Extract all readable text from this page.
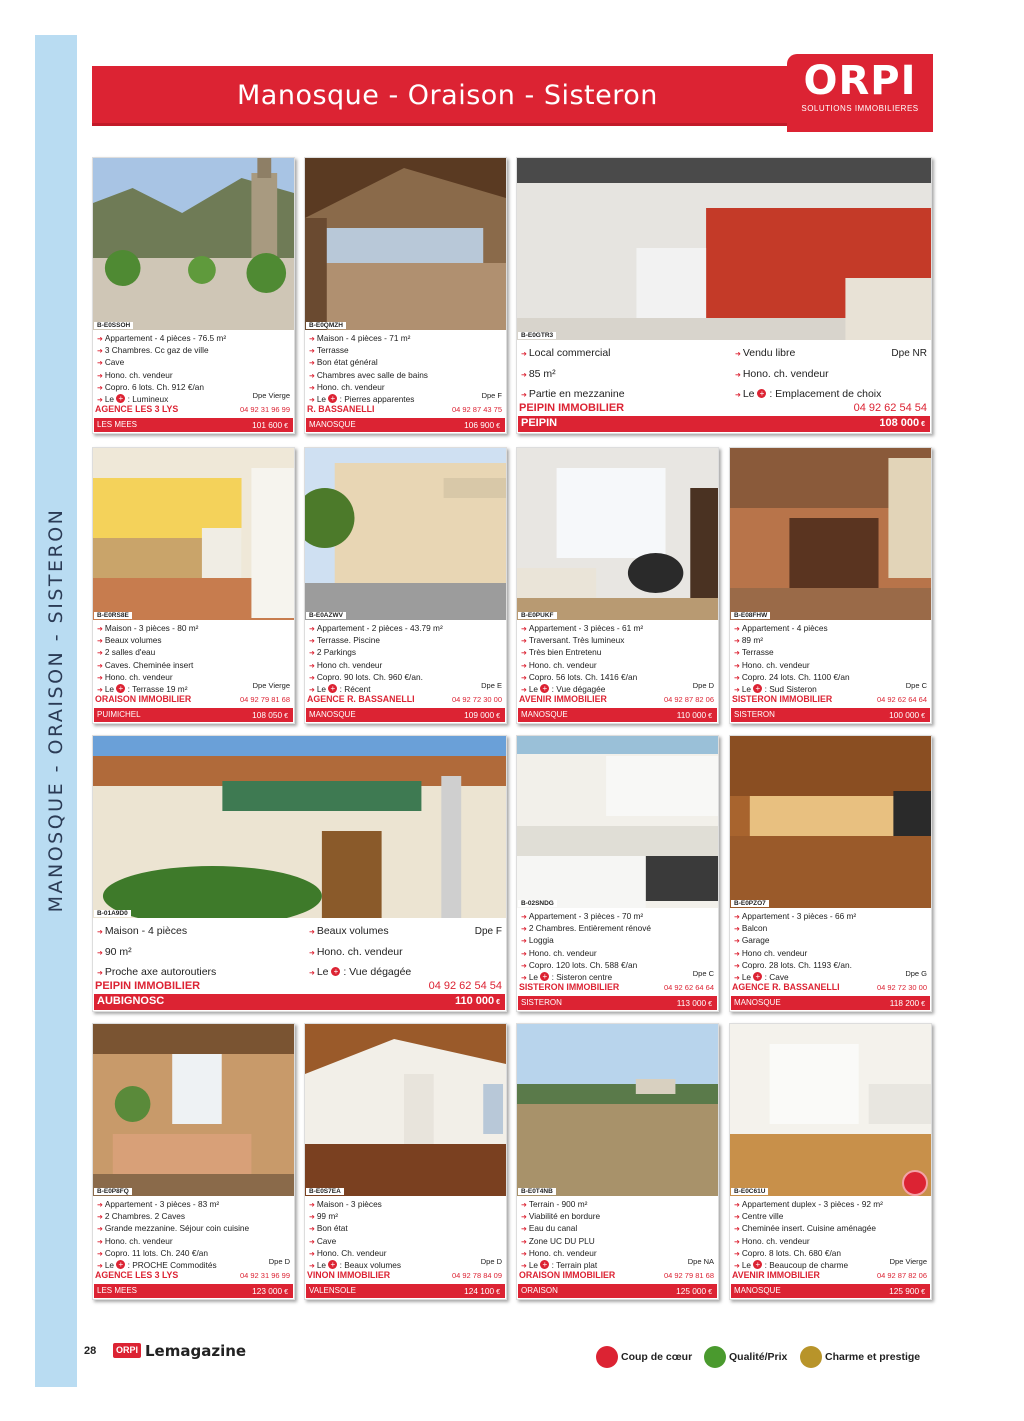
MANOSQUE - ORAISON - SISTERON
Manosque - Oraison - Sisteron	ORPI
SOLUTIONS IMMOBILIERES
B-E0SSOH
➜ Appartement - 4 pièces - 76.5 m²
➜ 3 Chambres. Cc gaz de ville
➜ Cave
➜ Hono. ch. vendeur
➜ Copro. 6 lots. Ch. 912 €/an
➜ Le + : Lumineux	Dpe Vierge
AGENCE LES 3 LYS	04 92 31 96 99
LES MEES	101 600 €
B-E0QMZH
➜ Maison - 4 pièces - 71 m²
➜ Terrasse
➜ Bon état général
➜ Chambres avec salle de bains
➜ Hono. ch. vendeur
➜ Le + : Pierres apparentes	Dpe F
R. BASSANELLI	04 92 87 43 75
MANOSQUE	106 900 €
B-E0GTR3
➜ Local commercial
➜ 85 m²
➜ Partie en mezzanine
➜ Vendu libre
➜ Hono. ch. vendeur
➜ Le + : Emplacement de choix
Dpe NR
PEIPIN IMMOBILIER	04 92 62 54 54
PEIPIN	108 000 €
B-E0RS8E
➜ Maison - 3 pièces - 80 m²
➜ Beaux volumes
➜ 2 salles d'eau
➜ Caves. Cheminée insert
➜ Hono. ch. vendeur
➜ Le + : Terrasse 19 m²	Dpe Vierge
ORAISON IMMOBILIER	04 92 79 81 68
PUIMICHEL	108 050 €
B-E0AZWV
➜ Appartement - 2 pièces - 43.79 m²
➜ Terrasse. Piscine
➜ 2 Parkings
➜ Hono ch. vendeur
➜ Copro. 90 lots. Ch. 960 €/an.
➜ Le + : Récent	Dpe E
AGENCE R. BASSANELLI	04 92 72 30 00
MANOSQUE	109 000 €
B-E0PUKF
➜ Appartement - 3 pièces - 61 m²
➜ Traversant. Très lumineux
➜ Très bien Entretenu
➜ Hono. ch. vendeur
➜ Copro. 56 lots. Ch. 1416 €/an
➜ Le + : Vue dégagée	Dpe D
AVENIR IMMOBILIER	04 92 87 82 06
MANOSQUE	110 000 €
B-E08FHW
➜ Appartement - 4 pièces
➜ 89 m²
➜ Terrasse
➜ Hono. ch. vendeur
➜ Copro. 24 lots. Ch. 1100 €/an
➜ Le + : Sud Sisteron	Dpe C
SISTERON IMMOBILIER	04 92 62 64 64
SISTERON	100 000 €
B-01A9D0
➜ Maison - 4 pièces
➜ 90 m²
➜ Proche axe autoroutiers
➜ Beaux volumes
➜ Hono. ch. vendeur
➜ Le + : Vue dégagée
Dpe F
PEIPIN IMMOBILIER	04 92 62 54 54
AUBIGNOSC	110 000 €
B-02SNDG
➜ Appartement - 3 pièces - 70 m²
➜ 2 Chambres. Entièrement rénové
➜ Loggia
➜ Hono. ch. vendeur
➜ Copro. 120 lots. Ch. 588 €/an
➜ Le + : Sisteron centre	Dpe C
SISTERON IMMOBILIER	04 92 62 64 64
SISTERON	113 000 €
B-E0PZO7
➜ Appartement - 3 pièces - 66 m²
➜ Balcon
➜ Garage
➜ Hono ch. vendeur
➜ Copro. 28 lots. Ch. 1193 €/an.
➜ Le + : Cave	Dpe G
AGENCE R. BASSANELLI	04 92 72 30 00
MANOSQUE	118 200 €
B-E0P8FQ
➜ Appartement - 3 pièces - 83 m²
➜ 2 Chambres. 2 Caves
➜ Grande mezzanine. Séjour coin cuisine
➜ Hono. ch. vendeur
➜ Copro. 11 lots. Ch. 240 €/an
➜ Le + : PROCHE Commodités	Dpe D
AGENCE LES 3 LYS	04 92 31 96 99
LES MEES	123 000 €
B-E0S7EA
➜ Maison - 3 pièces
➜ 99 m²
➜ Bon état
➜ Cave
➜ Hono. Ch. vendeur
➜ Le + : Beaux volumes	Dpe D
VINON IMMOBILIER	04 92 78 84 09
VALENSOLE	124 100 €
B-E0T4NB
➜ Terrain - 900 m²
➜ Viabilité en bordure
➜ Eau du canal
➜ Zone UC DU PLU
➜ Hono. ch. vendeur
➜ Le + : Terrain plat	Dpe NA
ORAISON IMMOBILIER	04 92 79 81 68
ORAISON	125 000 €
B-E0C61U
➜ Appartement duplex - 3 pièces - 92 m²
➜ Centre ville
➜ Cheminée insert. Cuisine aménagée
➜ Hono. ch. vendeur
➜ Copro. 8 lots. Ch. 680 €/an
➜ Le + : Beaucoup de charme	Dpe Vierge
AVENIR IMMOBILIER	04 92 87 82 06
MANOSQUE	125 900 €
28	ORPI Lemagazine	Coup de cœur	Qualité/Prix	Charme et prestige
